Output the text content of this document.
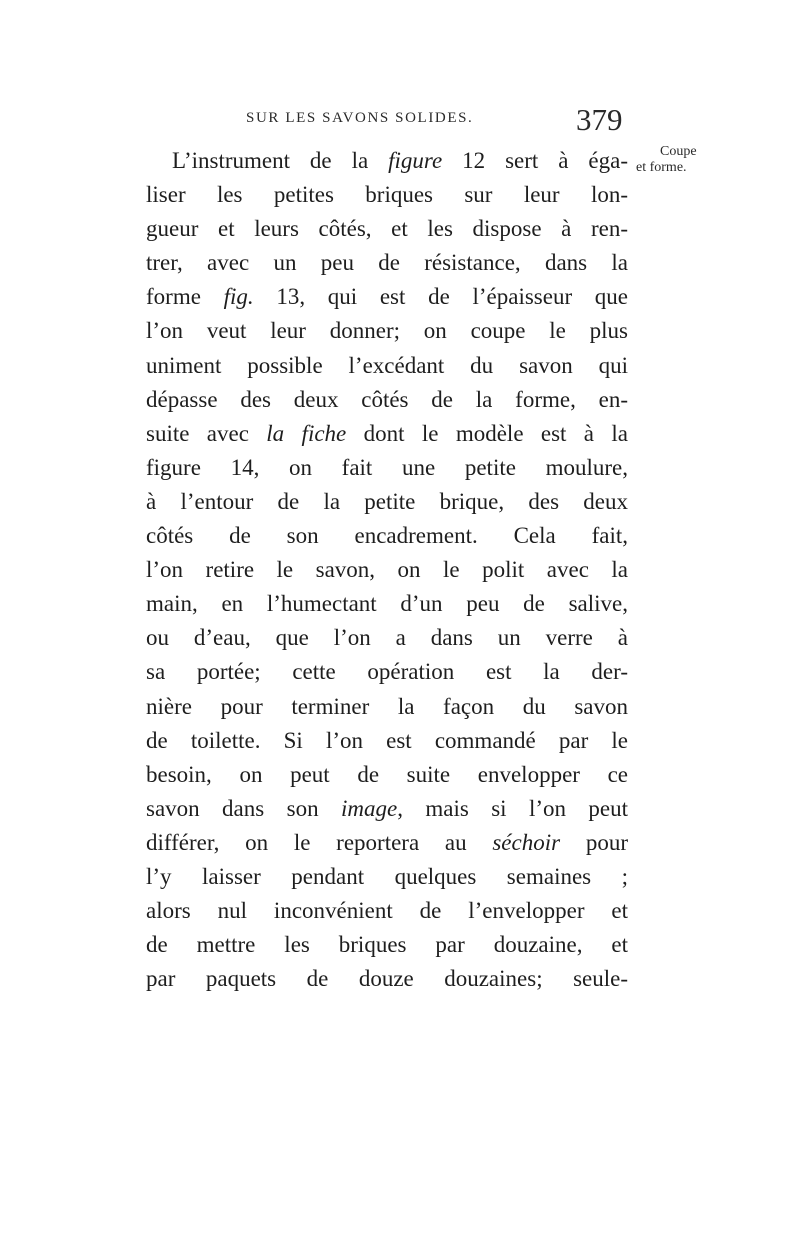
SUR LES SAVONS SOLIDES.	379
Coupe
et forme.
L’instrument de la figure 12 sert à éga-
liser les petites briques sur leur lon-
gueur et leurs côtés, et les dispose à ren-
trer, avec un peu de résistance, dans la
forme fig. 13, qui est de l’épaisseur que
l’on veut leur donner; on coupe le plus
uniment possible l’excédant du savon qui
dépasse des deux côtés de la forme, en-
suite avec la fiche dont le modèle est à la
figure 14, on fait une petite moulure,
à l’entour de la petite brique, des deux
côtés de son encadrement. Cela fait,
l’on retire le savon, on le polit avec la
main, en l’humectant d’un peu de salive,
ou d’eau, que l’on a dans un verre à
sa portée; cette opération est la der-
nière pour terminer la façon du savon
de toilette. Si l’on est commandé par le
besoin, on peut de suite envelopper ce
savon dans son image, mais si l’on peut
différer, on le reportera au séchoir pour
l’y laisser pendant quelques semaines ;
alors nul inconvénient de l’envelopper et
de mettre les briques par douzaine, et
par paquets de douze douzaines; seule-
